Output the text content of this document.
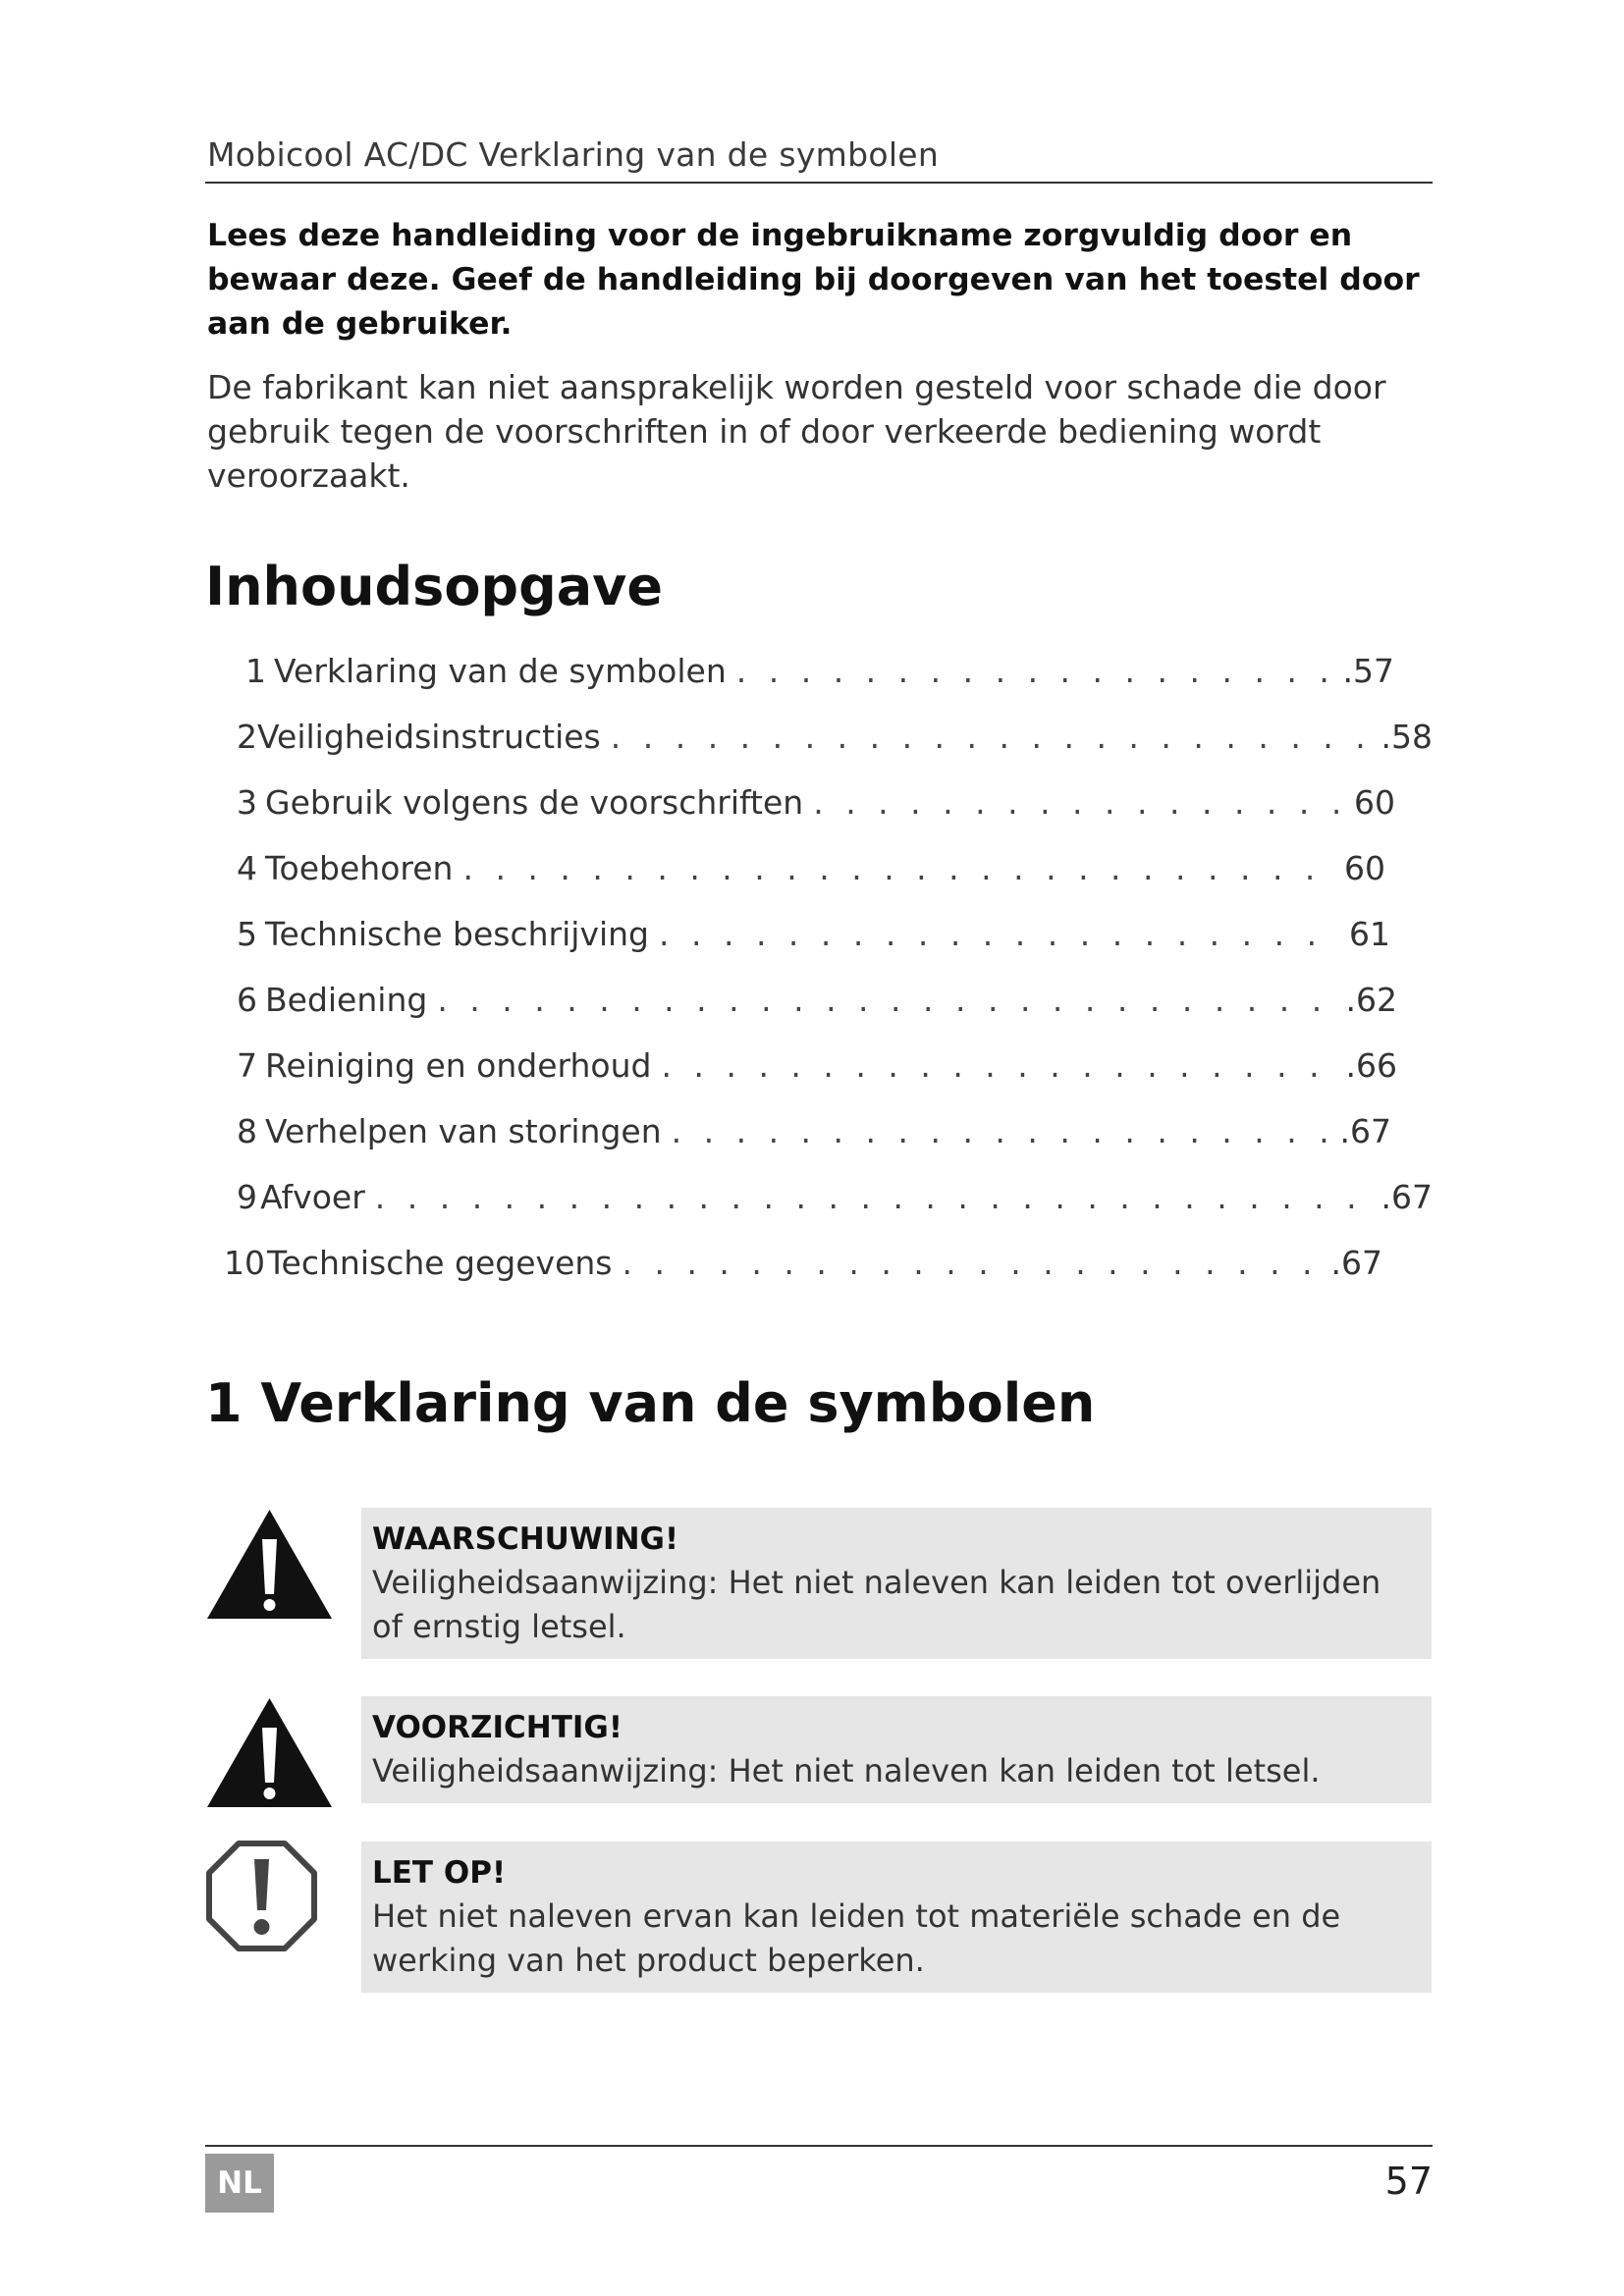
Mobicool AC/DC Verklaring van de symbolen
Lees deze handleiding voor de ingebruikname zorgvuldig door en bewaar deze. Geef de handleiding bij doorgeven van het toestel door aan de gebruiker.
De fabrikant kan niet aansprakelijk worden gesteld voor schade die door gebruik tegen de voorschriften in of door verkeerde bediening wordt veroorzaakt.
Inhoudsopgave
1 Verklaring van de symbolen . . .	.57
2 Veiligheidsinstructies . . .	.58
3 Gebruik volgens de voorschriften . . .	60
4 Toebehoren . . .	60
5 Technische beschrijving . . .	61
6 Bediening . . .	.62
7 Reiniging en onderhoud . . .	.66
8 Verhelpen van storingen . . .	.67
9 Afvoer . . .	.67
10 Technische gegevens . . .	.67
1 Verklaring van de symbolen
WAARSCHUWING!
Veiligheidsaanwijzing: Het niet naleven kan leiden tot overlijden of ernstig letsel.
VOORZICHTIG!
Veiligheidsaanwijzing: Het niet naleven kan leiden tot letsel.
LET OP!
Het niet naleven ervan kan leiden tot materiële schade en de werking van het product beperken.
NL	57
